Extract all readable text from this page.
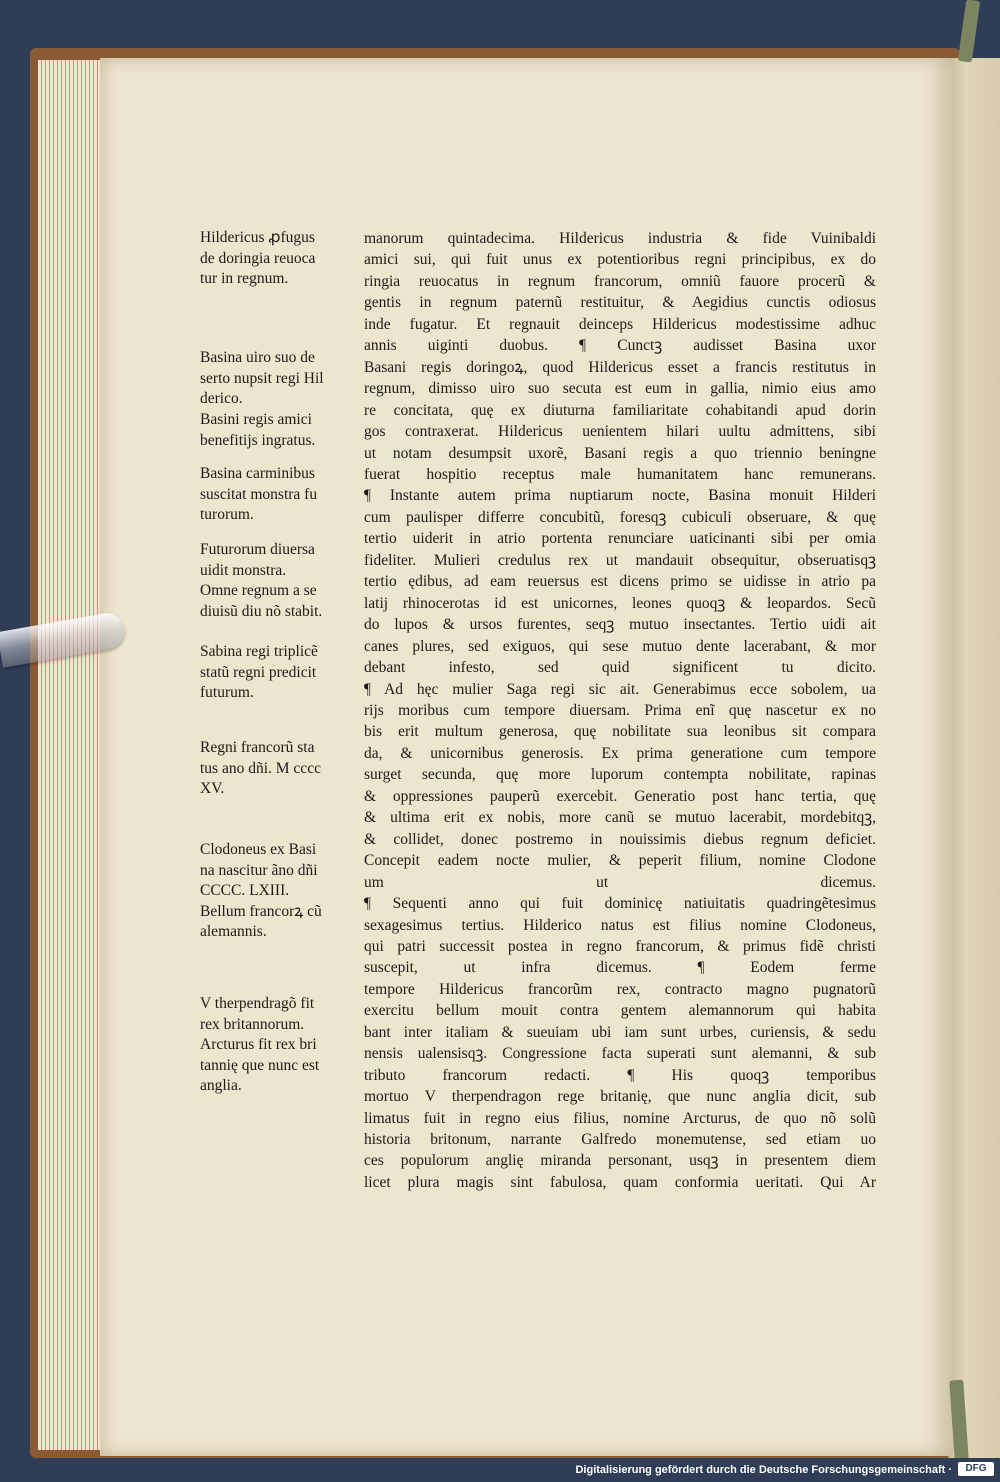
Hildericus ꝓfugus

de doringia reuoca

tur in regnum.

Basina uiro suo de

serto nupsit regi Hil

derico.

Basini regis amici

benefitijs ingratus.

Basina carminibus

suscitat monstra fu

turorum.

Futurorum diuersa

uidit monstra.

Omne regnum a se

diuisũ diu nõ stabit.

Sabina regi triplicẽ

statũ regni predicit

futurum.

Regni francorũ sta

tus ano dñi. M cccc

XV.

Clodoneus ex Basi

na nascitur ãno dñi

CCCC. LXIII.

Bellum francorꝝ cũ

alemannis.

V therpendragõ fit

rex britannorum.

Arcturus fit rex bri

tannię que nunc est

anglia.

manorum quintadecima. Hildericus industria & fide Vuinibaldi
amici sui, qui fuit unus ex potentioribus regni principibus, ex do
ringia reuocatus in regnum francorum, omniũ fauore procerũ &
gentis in regnum paternũ restituitur, & Aegidius cunctis odiosus
inde fugatur. Et regnauit deinceps Hildericus modestissime adhuc
annis uiginti duobus. ¶ Cunctꝫ audisset Basina uxor
Basani regis doringoꝝ, quod Hildericus esset a francis restitutus in
regnum, dimisso uiro suo secuta est eum in gallia, nimio eius amo
re concitata, quę ex diuturna familiaritate cohabitandi apud dorin
gos contraxerat. Hildericus uenientem hilari uultu admittens, sibi
ut notam desumpsit uxorẽ, Basani regis a quo triennio beningne
fuerat hospitio receptus male humanitatem hanc remunerans.
¶ Instante autem prima nuptiarum nocte, Basina monuit Hilderi
cum paulisper differre concubitũ, foresqꝫ cubiculi obseruare, & quę
tertio uiderit in atrio portenta renunciare uaticinanti sibi per omia
fideliter. Mulieri credulus rex ut mandauit obsequitur, obseruatisqꝫ
tertio ędibus, ad eam reuersus est dicens primo se uidisse in atrio pa
latij rhinocerotas id est unicornes, leones quoqꝫ & leopardos. Secũ
do lupos & ursos furentes, seqꝫ mutuo insectantes. Tertio uidi ait
canes plures, sed exiguos, qui sese mutuo dente lacerabant, & mor
debant infesto, sed quid significent tu dicito.
¶ Ad hęc mulier Saga regi sic ait. Generabimus ecce sobolem, ua
rijs moribus cum tempore diuersam. Prima enĩ quę nascetur ex no
bis erit multum generosa, quę nobilitate sua leonibus sit compara
da, & unicornibus generosis. Ex prima generatione cum tempore
surget secunda, quę more luporum contempta nobilitate, rapinas
& oppressiones pauperũ exercebit. Generatio post hanc tertia, quę
& ultima erit ex nobis, more canũ se mutuo lacerabit, mordebitqꝫ,
& collidet, donec postremo in nouissimis diebus regnum deficiet.
Concepit eadem nocte mulier, & peperit filium, nomine Clodone
um ut dicemus.
¶ Sequenti anno qui fuit dominicę natiuitatis quadringẽtesimus
sexagesimus tertius. Hilderico natus est filius nomine Clodoneus,
qui patri successit postea in regno francorum, & primus fidẽ christi
suscepit, ut infra dicemus. ¶ Eodem ferme
tempore Hildericus francorũm rex, contracto magno pugnatorũ
exercitu bellum mouit contra gentem alemannorum qui habita
bant inter italiam & sueuiam ubi iam sunt urbes, curiensis, & sedu
nensis ualensisqꝫ. Congressione facta superati sunt alemanni, & sub
tributo francorum redacti. ¶ His quoqꝫ temporibus
mortuo V therpendragon rege britanię, que nunc anglia dicit, sub
limatus fuit in regno eius filius, nomine Arcturus, de quo nõ solũ
historia britonum, narrante Galfredo monemutense, sed etiam uo
ces populorum anglię miranda personant, usqꝫ in presentem diem
licet plura magis sint fabulosa, quam conformia ueritati. Qui Ar
Digitalisierung gefördert durch die Deutsche Forschungsgemeinschaft ·	DFG
